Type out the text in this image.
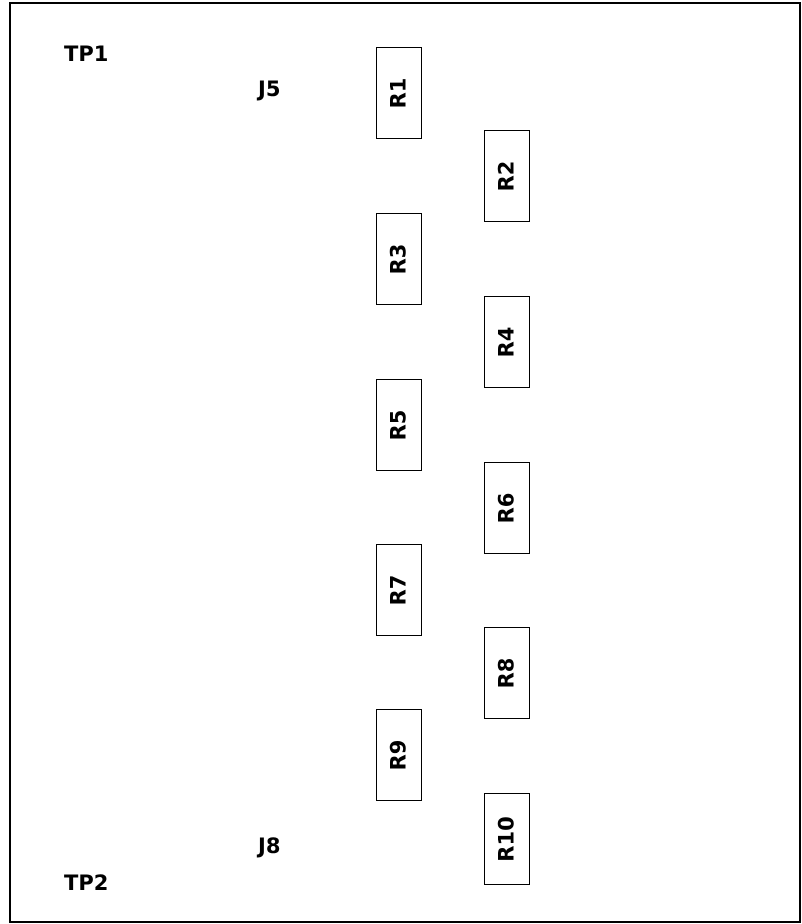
TP1
J5
J8
TP2
R1
R2
R3
R4
R5
R6
R7
R8
R9
R10
